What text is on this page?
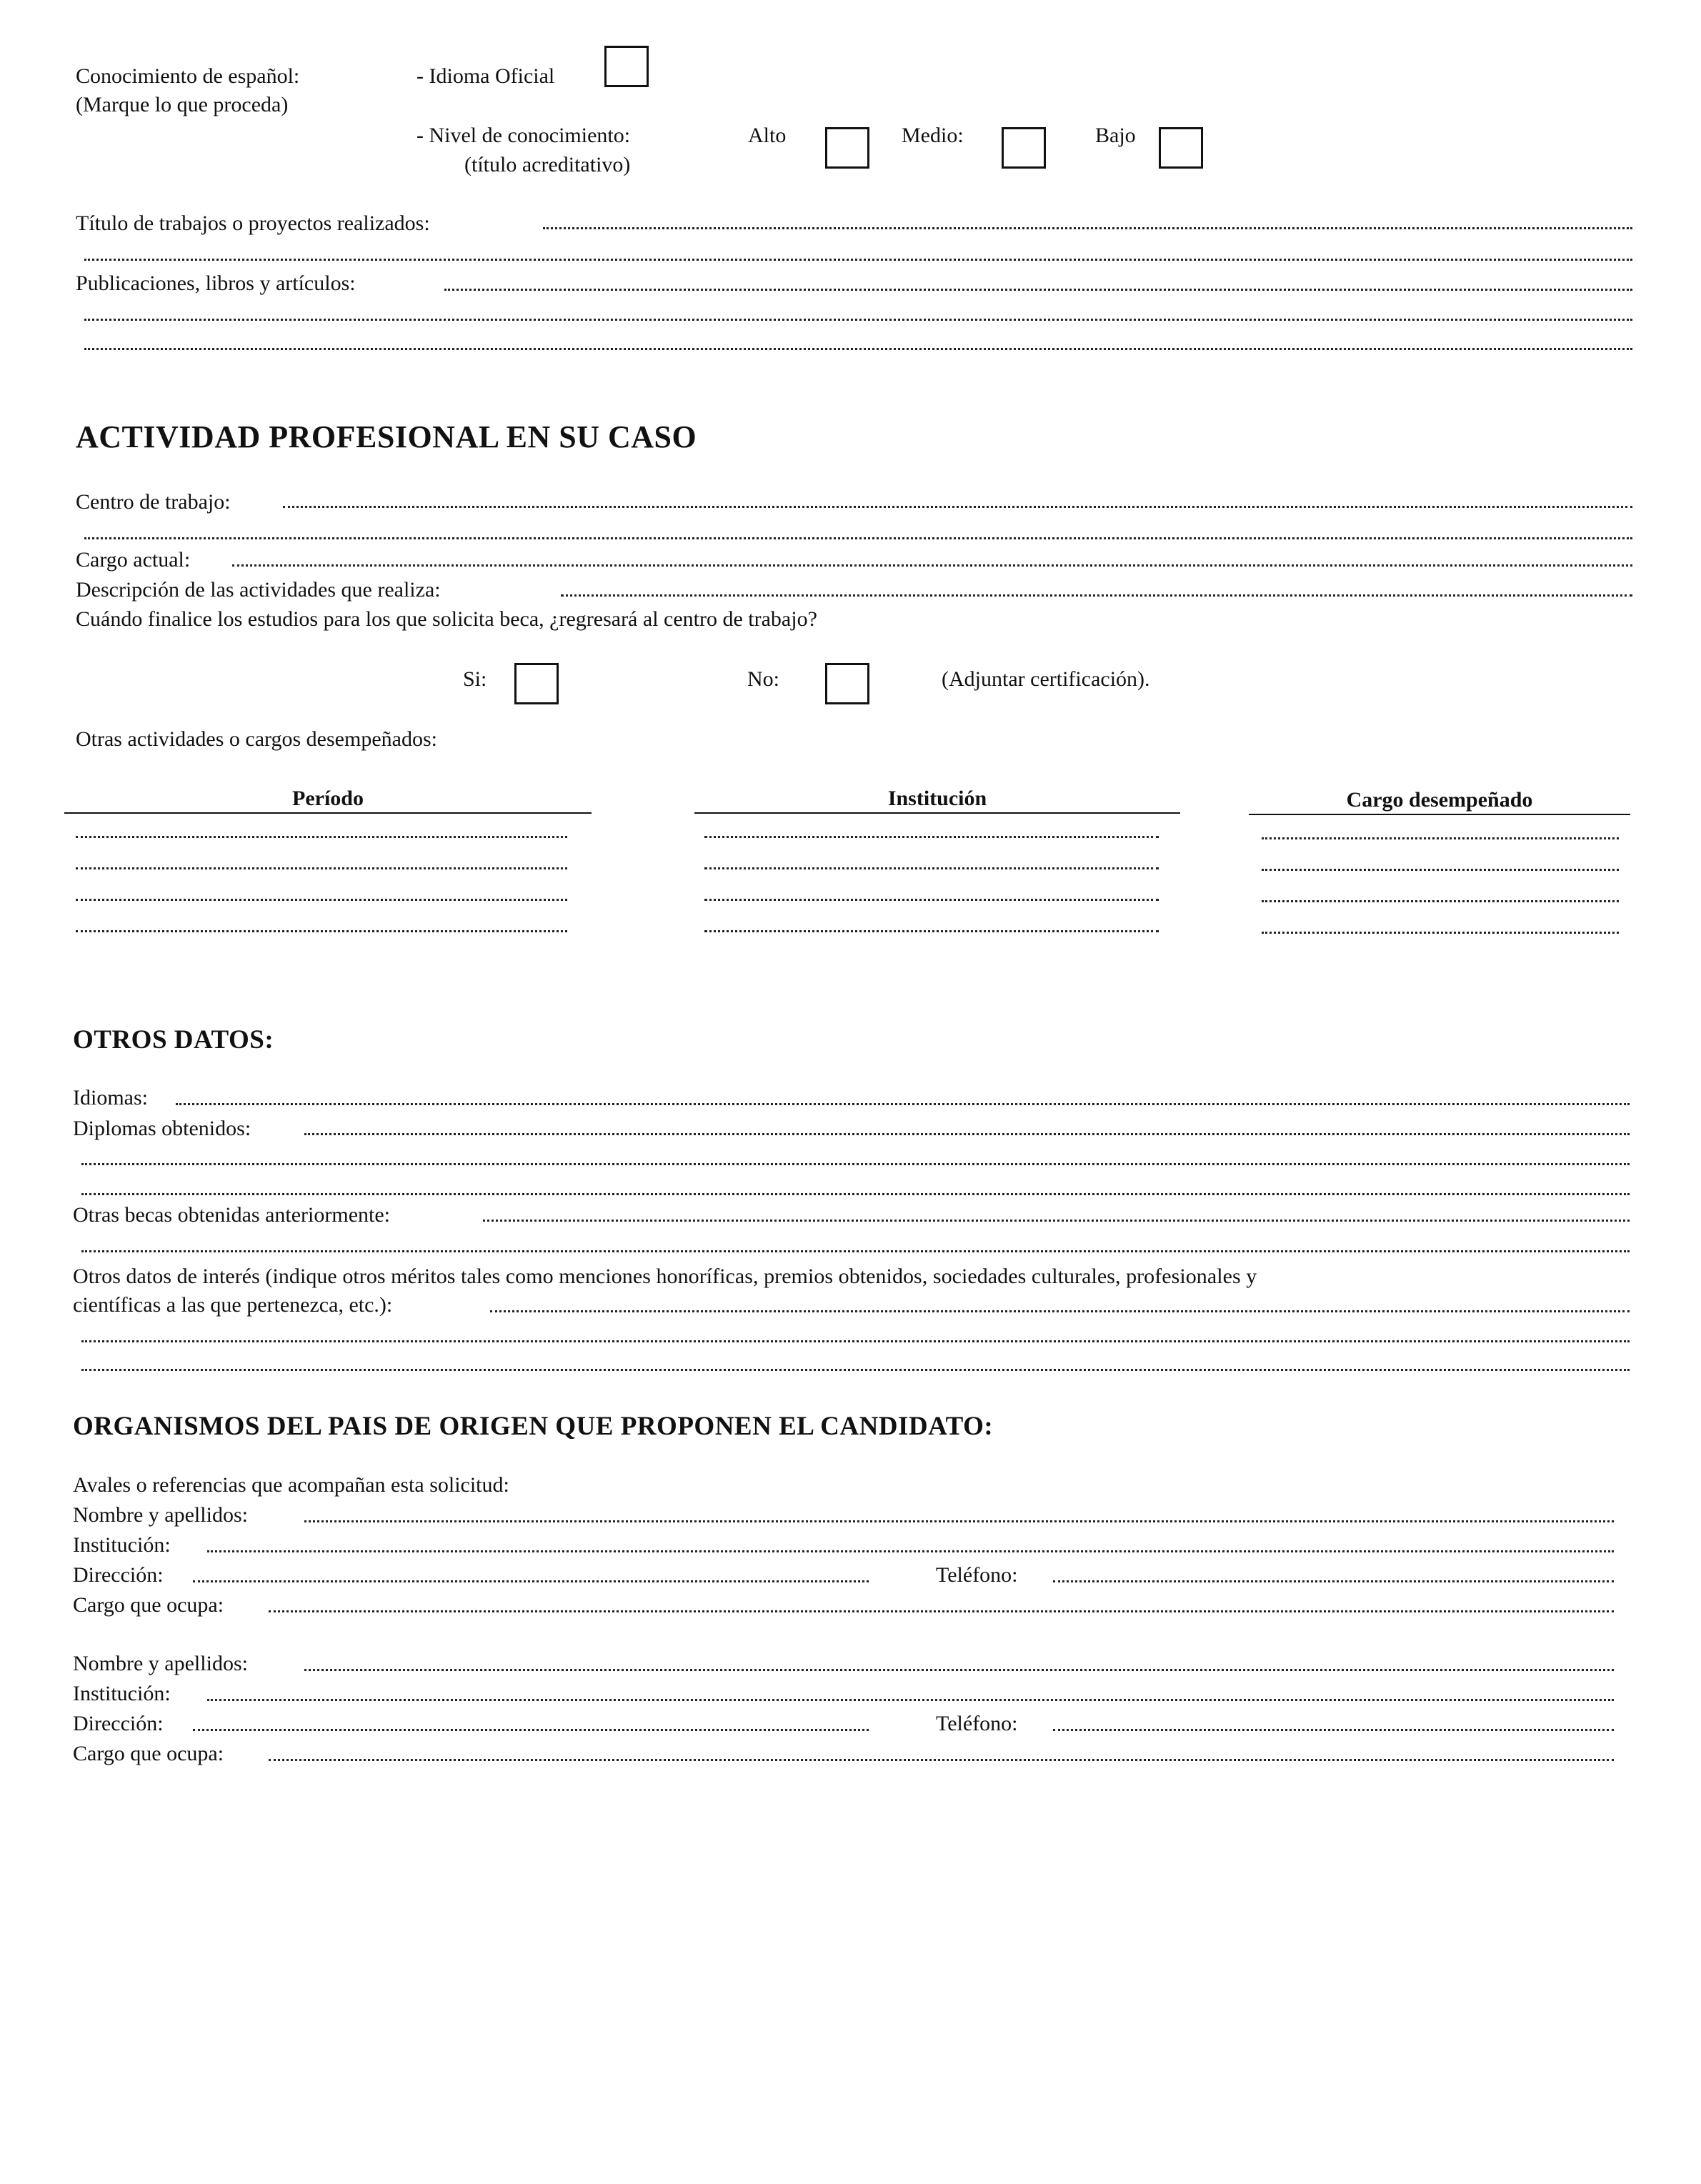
Conocimiento de español:
(Marque lo que proceda)
- Idioma Oficial
- Nivel de conocimiento:
(título acreditativo)
Alto	Medio:	Bajo
Título de trabajos o proyectos realizados:
Publicaciones, libros y artículos:
ACTIVIDAD PROFESIONAL EN SU CASO
Centro de trabajo:
Cargo actual:
Descripción de las actividades que realiza:
Cuándo finalice los estudios para los que solicita beca, ¿regresará al centro de trabajo?
Si:	No:	(Adjuntar certificación).
Otras actividades o cargos desempeñados:
Período	Institución	Cargo desempeñado
OTROS DATOS:
Idiomas:
Diplomas obtenidos:
Otras becas obtenidas anteriormente:
Otros datos de interés (indique otros méritos tales como menciones honoríficas, premios obtenidos, sociedades culturales, profesionales y
científicas a las que pertenezca, etc.):
ORGANISMOS DEL PAIS DE ORIGEN QUE PROPONEN EL CANDIDATO:
Avales o referencias que acompañan esta solicitud:
Nombre y apellidos:
Institución:
Dirección:	Teléfono:
Cargo que ocupa:
Nombre y apellidos:
Institución:
Dirección:	Teléfono:
Cargo que ocupa:
